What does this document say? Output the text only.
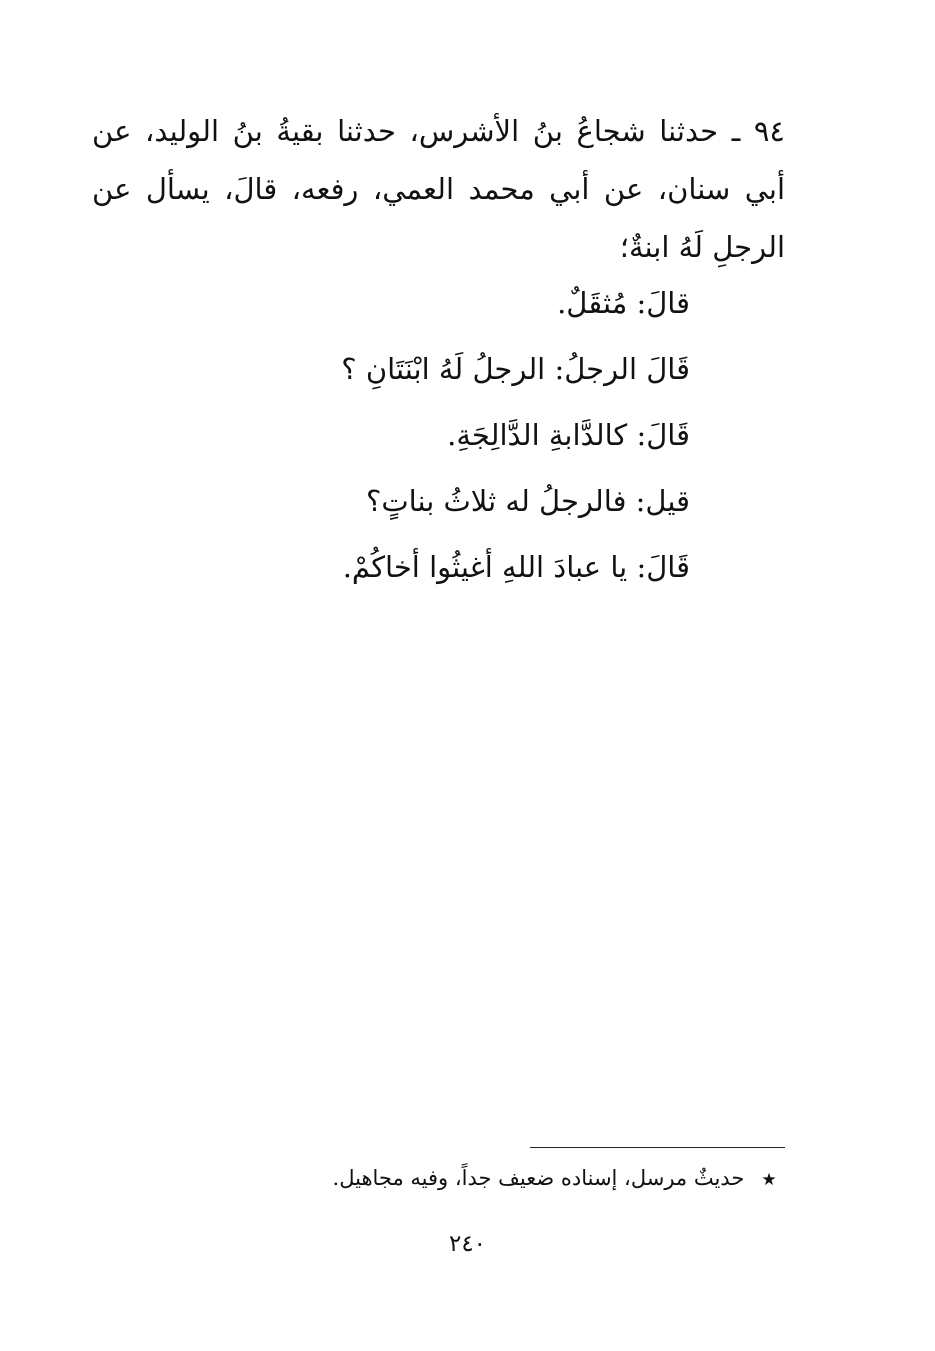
٩٤ ـ حدثنا شجاعُ بنُ الأشرس، حدثنا بقيةُ بنُ الوليد، عن أبي سنان، عن أبي محمد العمي، رفعه، قالَ، يسأل عن الرجلِ لَهُ ابنةٌ؛

قالَ: مُثقَلٌ.
قَالَ الرجلُ: الرجلُ لَهُ ابْنَتَانِ ؟
قَالَ: كالدَّابةِ الدَّالِجَةِ.
قيل: فالرجلُ له ثلاثُ بناتٍ؟
قَالَ: يا عبادَ اللهِ أغيثُوا أخاكُمْ.
★ حديثٌ مرسل، إسناده ضعيف جداً، وفيه مجاهيل.
٢٤٠
